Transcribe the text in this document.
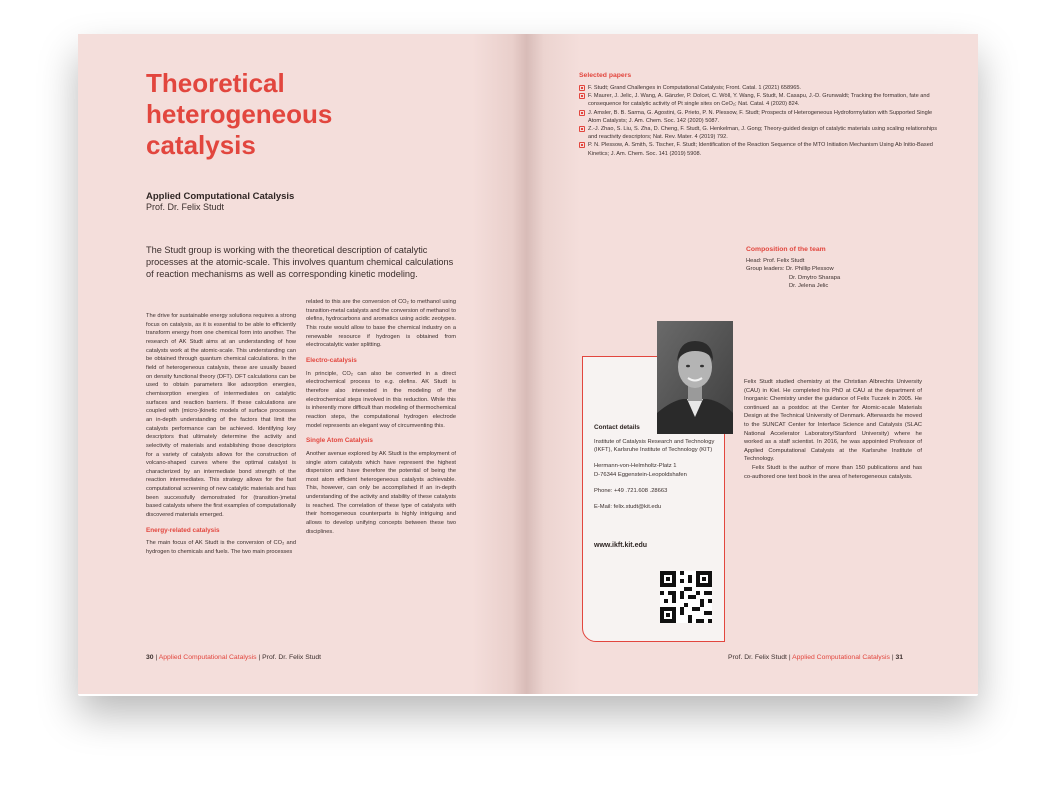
Theoretical
heterogeneous
catalysis
Applied Computational Catalysis
Prof. Dr. Felix Studt
The Studt group is working with the theoretical description of catalytic processes at the atomic-scale. This involves quantum chemical calculations of reaction mechanisms as well as corresponding kinetic modeling.

The drive for sustainable energy solutions requires a strong focus on catalysis, as it is essential to be able to efficiently transform energy from one chemical form into another. The research of AK Studt aims at an understanding of how catalysts work at the atomic-scale. This understanding can be obtained through quantum chemical calculations. In the field of heterogeneous catalysis, these are usually based on density functional theory (DFT). DFT calculations can be used to obtain parameters like adsorption energies, chemisorption energies of intermediates on catalytic surfaces and reaction barriers. If these calculations are coupled with (micro-)kinetic models of surface processes an in-depth understanding of the factors that limit the catalysts performance can be achieved. Identifying key descriptors that ultimately determine the activity and selectivity of materials and establishing those descriptors for a variety of catalysts allows for the construction of volcano-shaped curves where the optimal catalyst is characterized by an intermediate bond strength of the reaction intermediates. This strategy allows for the fast computational screening of new catalytic materials and has been successfully demonstrated for (transition-)metal based catalysts where the first examples of computationally discovered materials emerged.

Energy-related catalysis

The main focus of AK Studt is the conversion of CO₂ and hydrogen to chemicals and fuels. The two main processes

related to this are the conversion of CO₂ to methanol using transition-metal catalysts and the conversion of methanol to olefins, hydrocarbons and aromatics using acidic zeotypes. This route would allow to base the chemical industry on a renewable resource if hydrogen is obtained from electrocatalytic water splitting.

Electro-catalysis

In principle, CO₂ can also be converted in a direct electrochemical process to e.g. olefins. AK Studt is therefore also interested in the modeling of the electrochemical steps involved in this reduction. While this is inherently more difficult than modeling of thermochemical reaction steps, the computational hydrogen electrode model represents an elegant way of circumventing this.

Single Atom Catalysis

Another avenue explored by AK Studt is the employment of single atom catalysts which have represent the highest dispersion and have therefore the potential of being the most atom efficient heterogeneous catalysts achievable. This, however, can only be accomplished if an in-depth understanding of the activity and stability of these catalysts is reached. The correlation of these type of catalysts with their homogeneous counterparts is highly intriguing and allows to develop unifying concepts between these two disciplines.

30 | Applied Computational Catalysis | Prof. Dr. Felix Studt
Selected papers
F. Studt; Grand Challenges in Computational Catalysis; Front. Catal. 1 (2021) 658965.
F. Maurer, J. Jelic, J. Wang, A. Gänzler, P. Dolcet, C. Wöll, Y. Wang, F. Studt, M. Casapu, J.-D. Grunwaldt; Tracking the formation, fate and consequence for catalytic activity of Pt single sites on CeO₂; Nat. Catal. 4 (2020) 824.
J. Amsler, B. B. Sarma, G. Agostini, G. Prieto, P. N. Plessow, F. Studt; Prospects of Heterogeneous Hydroformylation with Supported Single Atom Catalysts; J. Am. Chem. Soc. 142 (2020) 5087.
Z.-J. Zhao, S. Liu, S. Zha, D. Cheng, F. Studt, G. Henkelman, J. Gong; Theory-guided design of catalytic materials using scaling relationships and reactivity descriptors; Nat. Rev. Mater. 4 (2019) 792.
P. N. Plessow, A. Smith, S. Tischer, F. Studt; Identification of the Reaction Sequence of the MTO Initiation Mechanism Using Ab Initio-Based Kinetics; J. Am. Chem. Soc. 141 (2019) 5908.
Composition of the team
Head: Prof. Felix Studt
Group leaders: Dr. Phillip Plessow
Dr. Dmytro Sharapa
Dr. Jelena Jelic
Contact details

Institute of Catalysis Research and Technology (IKFT), Karlsruhe Institute of Technology (KIT)

Hermann-von-Helmholtz-Platz 1
D-76344 Eggenstein-Leopoldshafen

Phone: +49 .721.608 .28663

E-Mail: felix.studt@kit.edu

www.ikft.kit.edu

Felix Studt studied chemistry at the Christian Albrechts University (CAU) in Kiel. He completed his PhD at CAU at the department of Inorganic Chemistry under the guidance of Felix Tuczek in 2005. He continued as a postdoc at the Center for Atomic-scale Materials Design at the Technical University of Denmark. Afterwards he moved to the SUNCAT Center for Interface Science and Catalysis (SLAC National Accelerator Laboratory/Stanford University) where he worked as a staff scientist. In 2016, he was appointed Professor of Applied Computational Catalysis at the Karlsruhe Institute of Technology.

Felix Studt is the author of more than 150 publications and has co-authored one text book in the area of heterogeneous catalysis.

Prof. Dr. Felix Studt | Applied Computational Catalysis | 31
